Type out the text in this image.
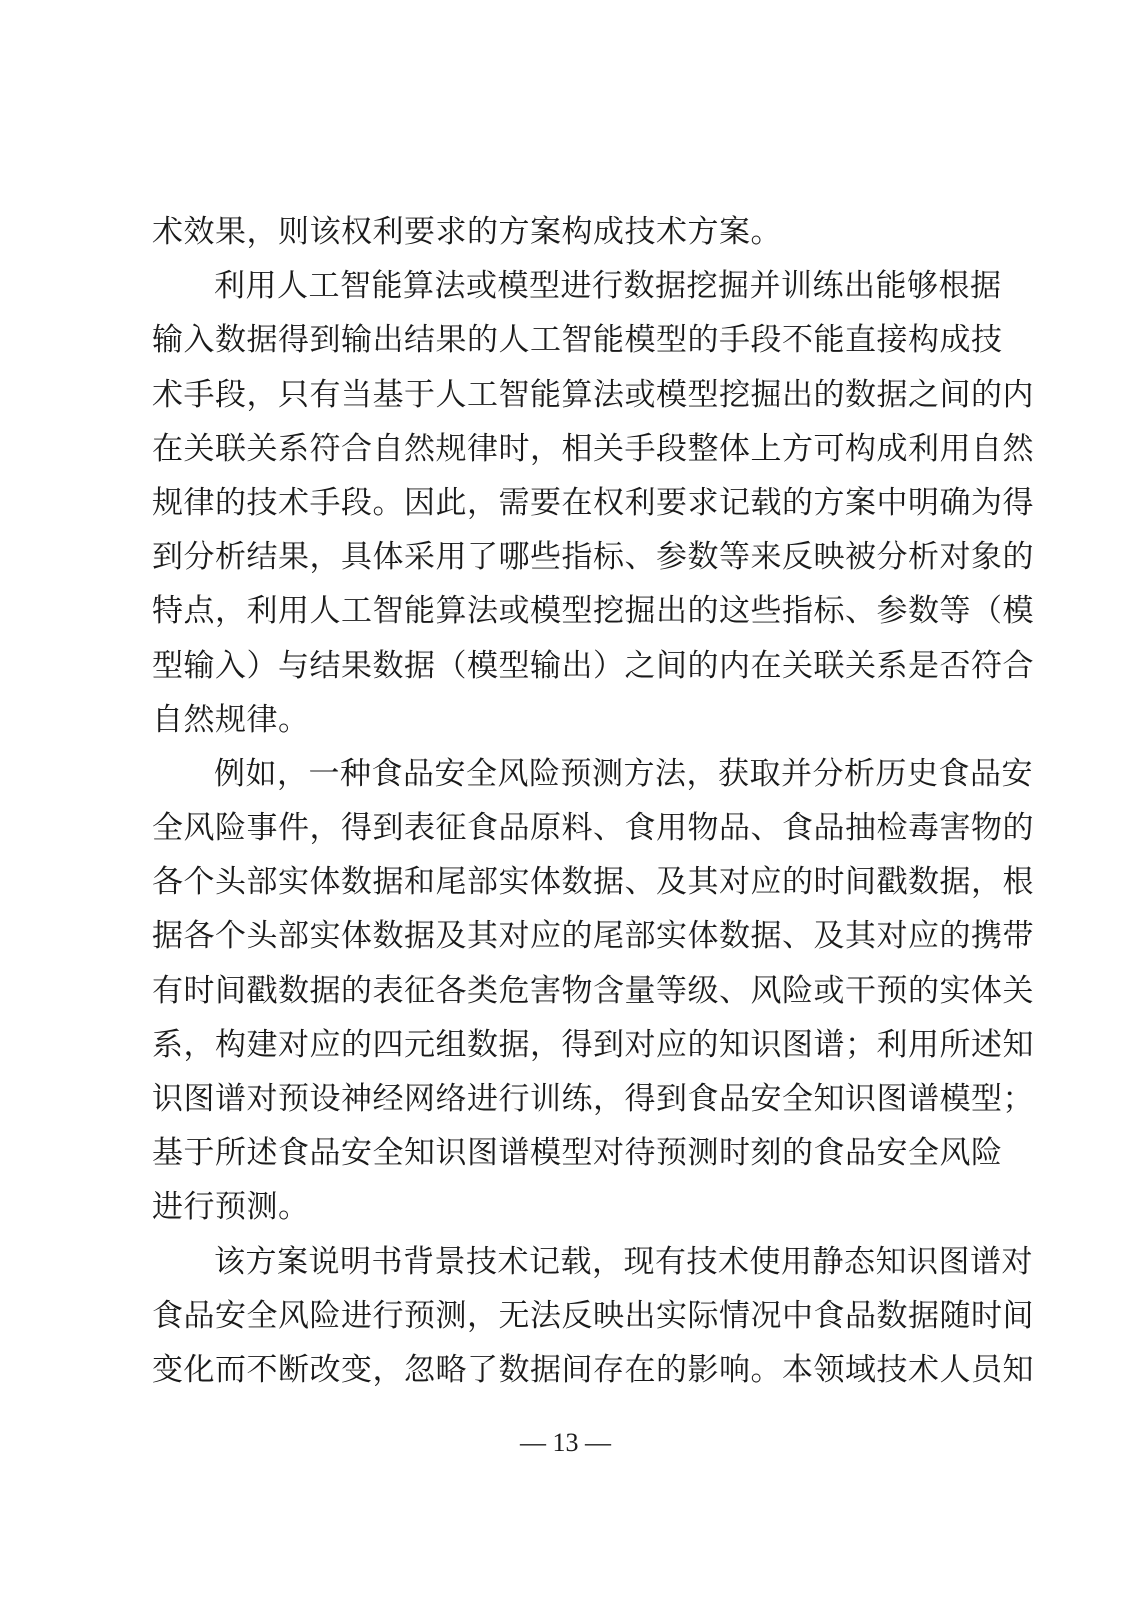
术效果，则该权利要求的方案构成技术方案。
利用人工智能算法或模型进行数据挖掘并训练出能够根据
输入数据得到输出结果的人工智能模型的手段不能直接构成技
术手段，只有当基于人工智能算法或模型挖掘出的数据之间的内
在关联关系符合自然规律时，相关手段整体上方可构成利用自然
规律的技术手段。因此，需要在权利要求记载的方案中明确为得
到分析结果，具体采用了哪些指标、参数等来反映被分析对象的
特点，利用人工智能算法或模型挖掘出的这些指标、参数等（模
型输入）与结果数据（模型输出）之间的内在关联关系是否符合
自然规律。
例如，一种食品安全风险预测方法，获取并分析历史食品安
全风险事件，得到表征食品原料、食用物品、食品抽检毒害物的
各个头部实体数据和尾部实体数据、及其对应的时间戳数据，根
据各个头部实体数据及其对应的尾部实体数据、及其对应的携带
有时间戳数据的表征各类危害物含量等级、风险或干预的实体关
系，构建对应的四元组数据，得到对应的知识图谱；利用所述知
识图谱对预设神经网络进行训练，得到食品安全知识图谱模型；
基于所述食品安全知识图谱模型对待预测时刻的食品安全风险
进行预测。
该方案说明书背景技术记载，现有技术使用静态知识图谱对
食品安全风险进行预测，无法反映出实际情况中食品数据随时间
变化而不断改变，忽略了数据间存在的影响。本领域技术人员知
— 13 —
